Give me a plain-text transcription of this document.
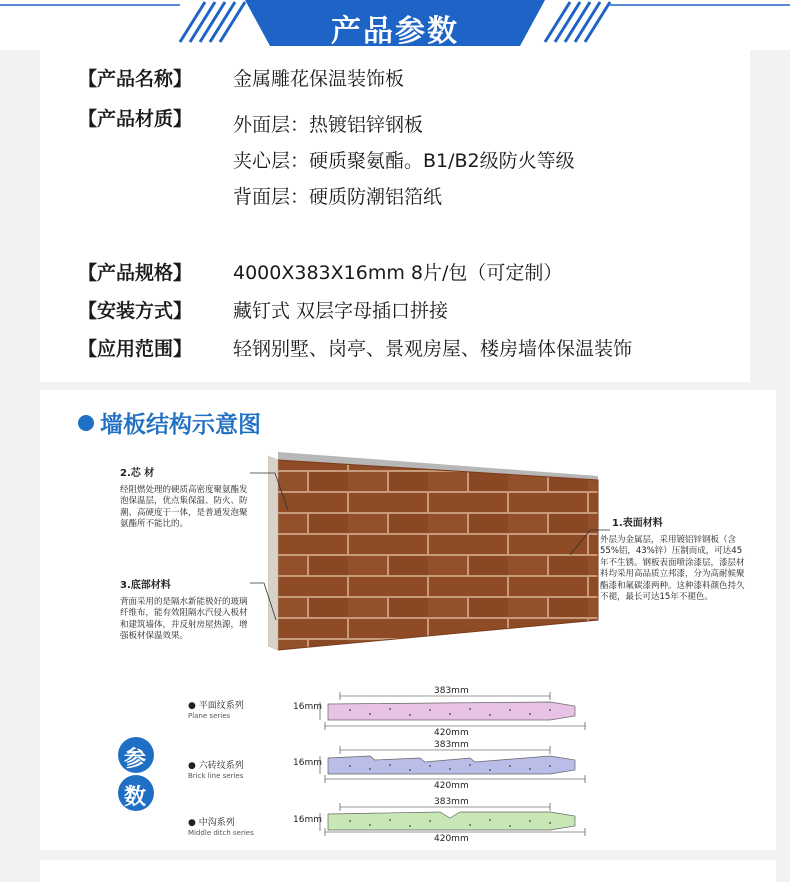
产品参数
【产品名称】 金属雕花保温装饰板
【产品材质】 外面层：热镀铝锌钢板
夹心层：硬质聚氨酯。B1/B2级防火等级
背面层：硬质防潮铝箔纸
【产品规格】 4000X383X16mm 8片/包（可定制）
【安装方式】 藏钉式 双层字母插口拼接
【应用范围】 轻钢别墅、岗亭、景观房屋、楼房墙体保温装饰
墙板结构示意图
2.芯 材
经阻燃处理的硬质高密度聚氨酯发泡保温层，优点集保温、防火、防潮、高硬度于一体，是普通发泡聚氨酯所不能比的。
3.底部材料
背面采用的是隔水新能极好的玻璃纤维布，能有效阻隔水汽侵入板材和建筑墙体，并反射房屋热源，增强板材保温效果。
1.表面材料
外层为金属层，采用镀铝锌钢板（含55%铝，43%锌）压制而成，可达45年不生锈。钢板表面喷涂漆层，漆层材料均采用高品质立邦漆，分为高耐候聚酯漆和氟碳漆两种。这种漆料颜色持久不褪，最长可达15年不褪色。
参
数
● 平面纹系列
Plane series
383mm
16mm
420mm
● 六砖纹系列
Brick line series
383mm
16mm
420mm
● 中沟系列
Middle ditch series
383mm
16mm
420mm
